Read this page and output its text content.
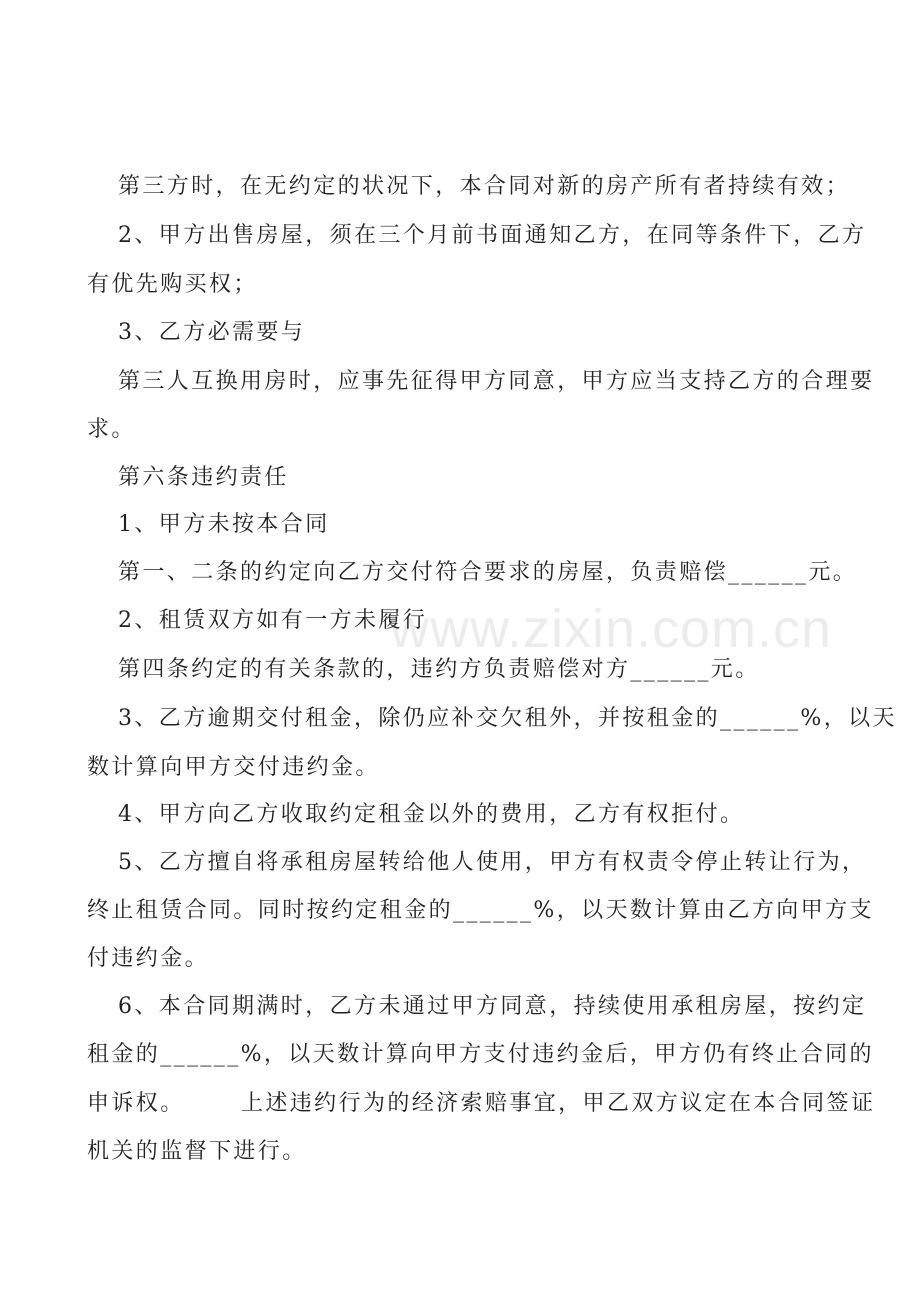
www.zixin.com.cn
第三方时，在无约定的状况下，本合同对新的房产所有者持续有效；
2、甲方出售房屋，须在三个月前书面通知乙方，在同等条件下，乙方
有优先购买权；
3、乙方必需要与
第三人互换用房时，应事先征得甲方同意，甲方应当支持乙方的合理要
求。
第六条违约责任
1、甲方未按本合同
第一、二条的约定向乙方交付符合要求的房屋，负责赔偿______元。
2、租赁双方如有一方未履行
第四条约定的有关条款的，违约方负责赔偿对方______元。
3、乙方逾期交付租金，除仍应补交欠租外，并按租金的______%，以天
数计算向甲方交付违约金。
4、甲方向乙方收取约定租金以外的费用，乙方有权拒付。
5、乙方擅自将承租房屋转给他人使用，甲方有权责令停止转让行为，
终止租赁合同。同时按约定租金的______%，以天数计算由乙方向甲方支
付违约金。
6、本合同期满时，乙方未通过甲方同意，持续使用承租房屋，按约定
租金的______%，以天数计算向甲方支付违约金后，甲方仍有终止合同的
申诉权。      上述违约行为的经济索赔事宜，甲乙双方议定在本合同签证
机关的监督下进行。
